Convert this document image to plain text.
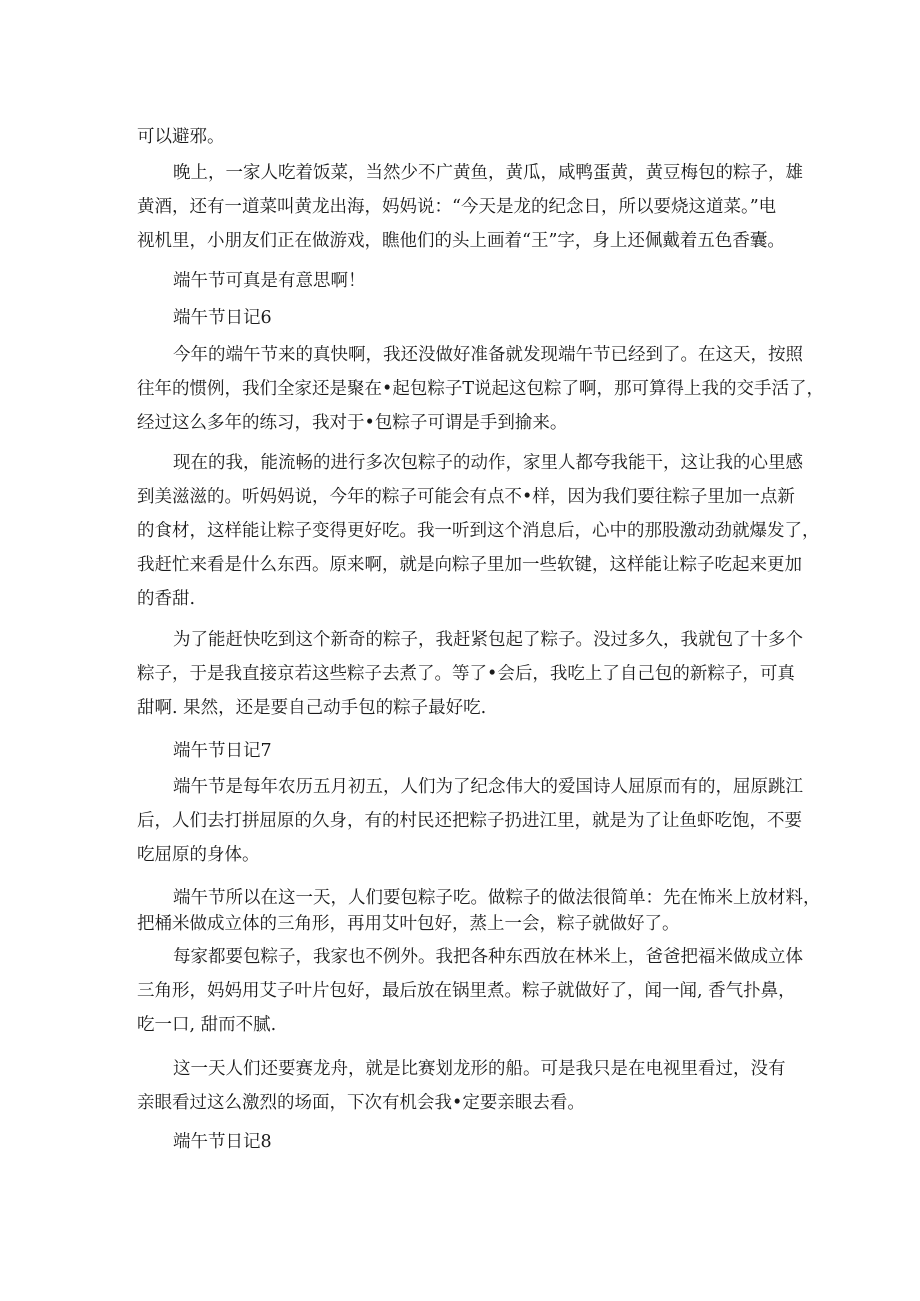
可以避邪。
晚上，一家人吃着饭菜，当然少不广黄鱼，黄瓜，咸鸭蛋黄，黄豆梅包的粽子，雄
黄酒，还有一道菜叫黄龙出海，妈妈说：“今天是龙的纪念日，所以要烧这道菜。”电
视机里，小朋友们正在做游戏，瞧他们的头上画着“王”字，身上还佩戴着五色香囊。
端午节可真是有意思啊！
端午节日记6
今年的端午节来的真快啊，我还没做好准备就发现端午节已经到了。在这天，按照
往年的惯例，我们全家还是聚在•起包粽子T说起这包粽了啊，那可算得上我的交手活了，
经过这么多年的练习，我对于•包粽子可谓是手到揄来。
现在的我，能流畅的进行多次包粽子的动作，家里人都夸我能干，这让我的心里感
到美滋滋的。听妈妈说，今年的粽子可能会有点不•样，因为我们要往粽子里加一点新
的食材，这样能让粽子变得更好吃。我一听到这个消息后，心中的那股激动劲就爆发了，
我赶忙来看是什么东西。原来啊，就是向粽子里加一些软键，这样能让粽子吃起来更加
的香甜.
为了能赶快吃到这个新奇的粽子，我赶紧包起了粽子。没过多久，我就包了十多个
粽子，于是我直接京若这些粽子去煮了。等了•会后，我吃上了自己包的新粽子，可真
甜啊. 果然，还是要自己动手包的粽子最好吃.
端午节日记7
端午节是每年农历五月初五，人们为了纪念伟大的爱国诗人屈原而有的，屈原跳江
后，人们去打拼屈原的久身，有的村民还把粽子扔进江里，就是为了让鱼虾吃饱，不要
吃屈原的身体。
端午节所以在这一天，人们要包粽子吃。做粽子的做法很简单：先在怖米上放材料，
把桶米做成立体的三角形，再用艾叶包好，蒸上一会，粽子就做好了。
每家都要包粽子，我家也不例外。我把各种东西放在林米上，爸爸把福米做成立体
三角形，妈妈用艾子叶片包好，最后放在锅里煮。粽子就做好了，闻一闻, 香气扑鼻，
吃一口, 甜而不腻.
这一天人们还要赛龙舟，就是比赛划龙形的船。可是我只是在电视里看过，没有
亲眼看过这么激烈的场面，下次有机会我•定要亲眼去看。
端午节日记8
